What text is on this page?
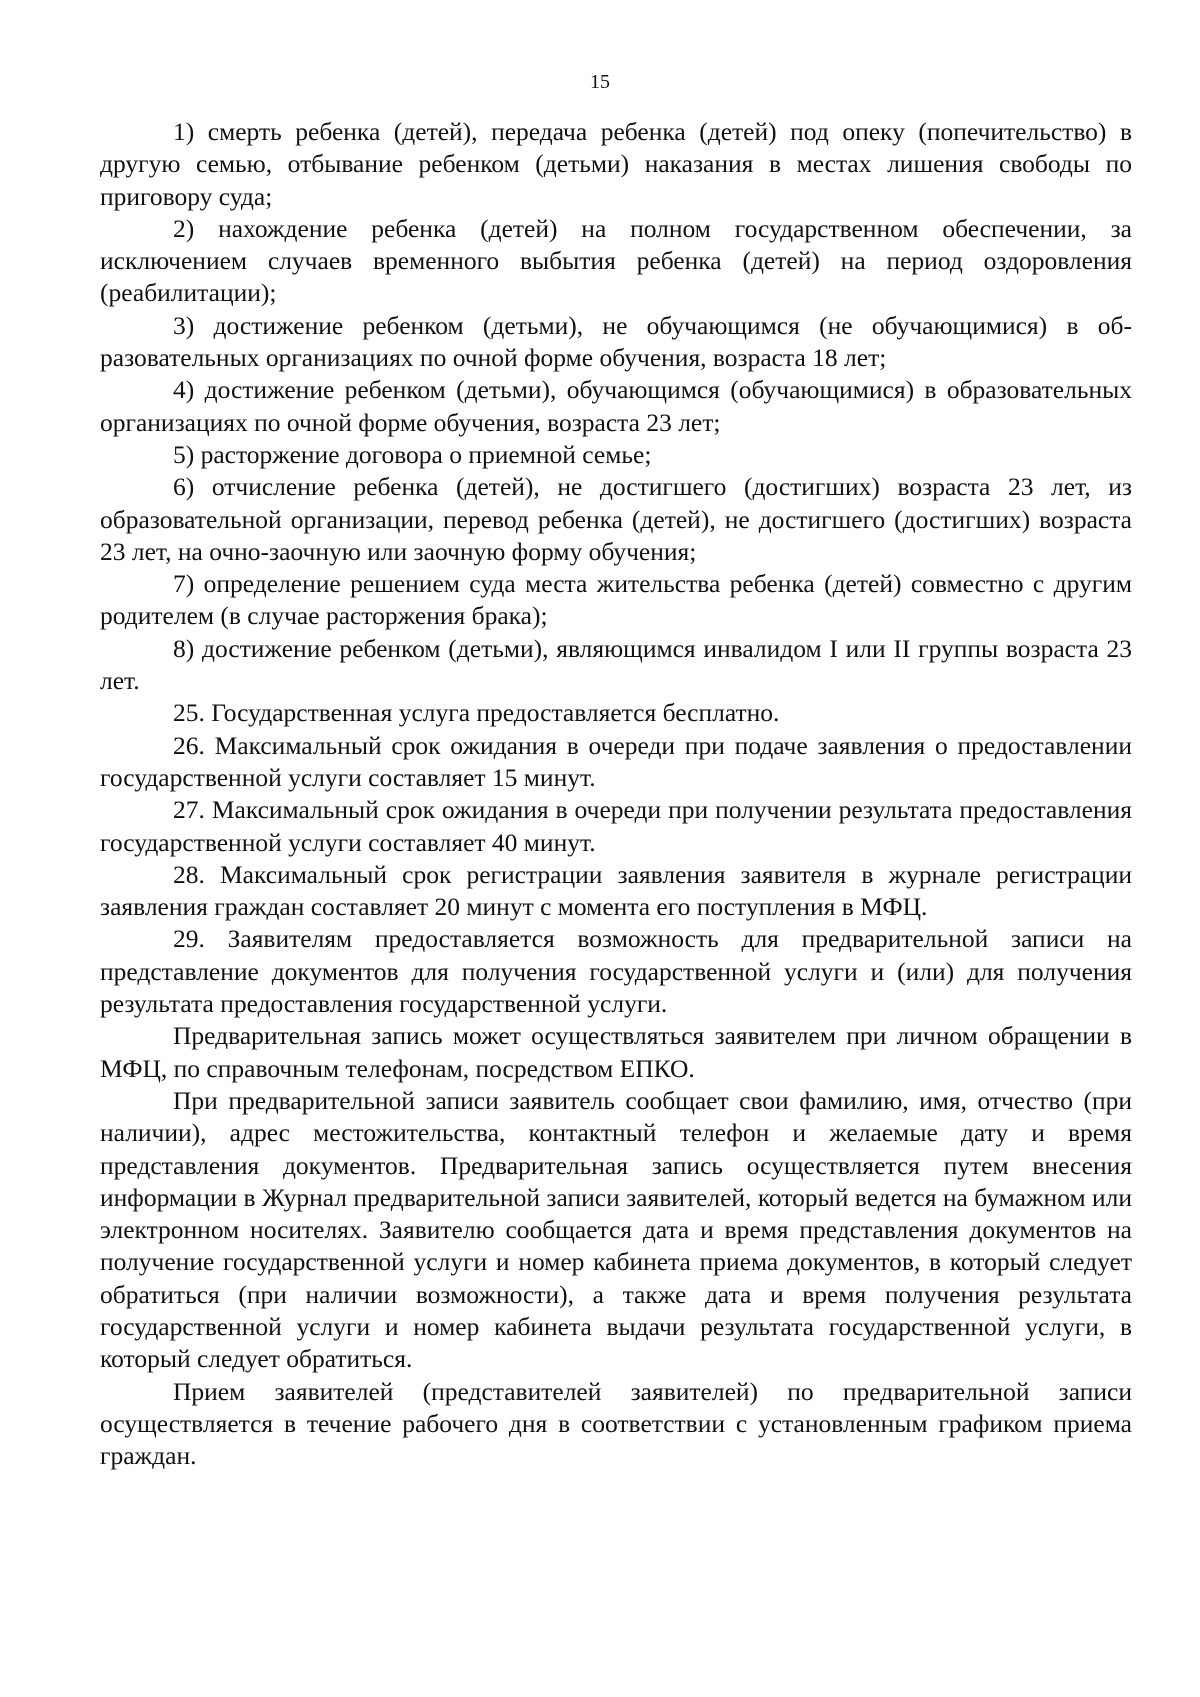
15

1) смерть ребенка (детей), передача ребенка (детей) под опеку (попечительство) в другую семью, отбывание ребенком (детьми) наказания в местах лишения свободы по приговору суда;

2) нахождение ребенка (детей) на полном государственном обеспечении, за исключением случаев временного выбытия ребенка (детей) на период оздоровления (реабилитации);

3) достижение ребенком (детьми), не обучающимся (не обучающимися) в образовательных организациях по очной форме обучения, возраста 18 лет;

4) достижение ребенком (детьми), обучающимся (обучающимися) в образовательных организациях по очной форме обучения, возраста 23 лет;

5) расторжение договора о приемной семье;

6) отчисление ребенка (детей), не достигшего (достигших) возраста 23 лет, из образовательной организации, перевод ребенка (детей), не достигшего (достигших) возраста 23 лет, на очно-заочную или заочную форму обучения;

7) определение решением суда места жительства ребенка (детей) совместно с другим родителем (в случае расторжения брака);

8) достижение ребенком (детьми), являющимся инвалидом I или II группы возраста 23 лет.

25. Государственная услуга предоставляется бесплатно.

26. Максимальный срок ожидания в очереди при подаче заявления о предоставлении государственной услуги составляет 15 минут.

27. Максимальный срок ожидания в очереди при получении результата предоставления государственной услуги составляет 40 минут.

28. Максимальный срок регистрации заявления заявителя в журнале регистрации заявления граждан составляет 20 минут с момента его поступления в МФЦ.

29. Заявителям предоставляется возможность для предварительной записи на представление документов для получения государственной услуги и (или) для получения результата предоставления государственной услуги.

Предварительная запись может осуществляться заявителем при личном обращении в МФЦ, по справочным телефонам, посредством ЕПКО.

При предварительной записи заявитель сообщает свои фамилию, имя, отчество (при наличии), адрес местожительства, контактный телефон и желаемые дату и время представления документов. Предварительная запись осуществляется путем внесения информации в Журнал предварительной записи заявителей, который ведется на бумажном или электронном носителях. Заявителю сообщается дата и время представления документов на получение государственной услуги и номер кабинета приема документов, в который следует обратиться (при наличии возможности), а также дата и время получения результата государственной услуги и номер кабинета выдачи результата государственной услуги, в который следует обратиться.

Прием заявителей (представителей заявителей) по предварительной записи осуществляется в течение рабочего дня в соответствии с установленным графиком приема граждан.
